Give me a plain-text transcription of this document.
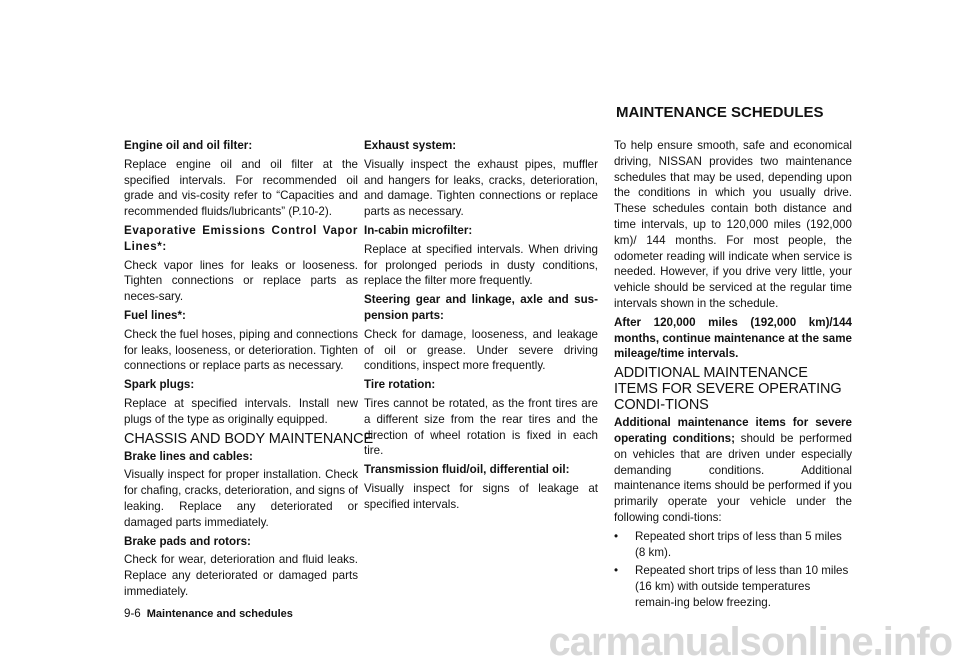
MAINTENANCE SCHEDULES
Engine oil and oil filter:

Replace engine oil and oil filter at the specified intervals. For recommended oil grade and vis-cosity refer to “Capacities and recommended fluids/lubricants” (P.10-2).

Evaporative Emissions Control Vapor Lines*:

Check vapor lines for leaks or looseness. Tighten connections or replace parts as neces-sary.

Fuel lines*:

Check the fuel hoses, piping and connections for leaks, looseness, or deterioration. Tighten connections or replace parts as necessary.

Spark plugs:

Replace at specified intervals. Install new plugs of the type as originally equipped.

CHASSIS AND BODY MAINTENANCE
Brake lines and cables:

Visually inspect for proper installation. Check for chafing, cracks, deterioration, and signs of leaking. Replace any deteriorated or damaged parts immediately.

Brake pads and rotors:

Check for wear, deterioration and fluid leaks. Replace any deteriorated or damaged parts immediately.

9-6 Maintenance and schedules
Exhaust system:

Visually inspect the exhaust pipes, muffler and hangers for leaks, cracks, deterioration, and damage. Tighten connections or replace parts as necessary.

In-cabin microfilter:

Replace at specified intervals. When driving for prolonged periods in dusty conditions, replace the filter more frequently.

Steering gear and linkage, axle and sus-pension parts:

Check for damage, looseness, and leakage of oil or grease. Under severe driving conditions, inspect more frequently.

Tire rotation:

Tires cannot be rotated, as the front tires are a different size from the rear tires and the direction of wheel rotation is fixed in each tire.

Transmission fluid/oil, differential oil:

Visually inspect for signs of leakage at specified intervals.

To help ensure smooth, safe and economical driving, NISSAN provides two maintenance schedules that may be used, depending upon the conditions in which you usually drive. These schedules contain both distance and time intervals, up to 120,000 miles (192,000 km)/ 144 months. For most people, the odometer reading will indicate when service is needed. However, if you drive very little, your vehicle should be serviced at the regular time intervals shown in the schedule.

After 120,000 miles (192,000 km)/144 months, continue maintenance at the same mileage/time intervals.
ADDITIONAL MAINTENANCE ITEMS FOR SEVERE OPERATING CONDI-TIONS

Additional maintenance items for severe operating conditions; should be performed on vehicles that are driven under especially demanding conditions. Additional maintenance items should be performed if you primarily operate your vehicle under the following condi-tions:

•	Repeated short trips of less than 5 miles (8 km).
•	Repeated short trips of less than 10 miles (16 km) with outside temperatures remain-ing below freezing.
carmanualsonline.info
